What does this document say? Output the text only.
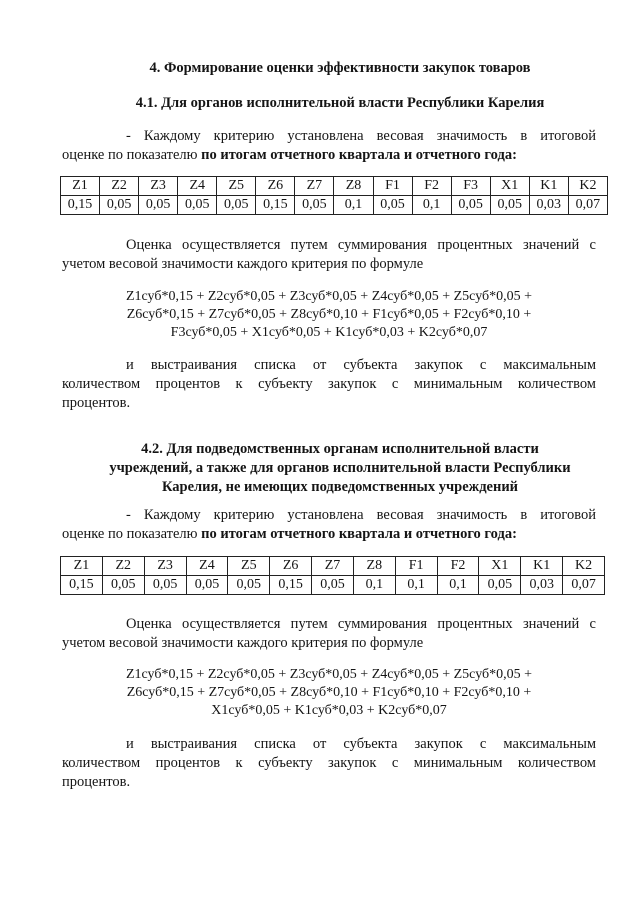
4. Формирование оценки эффективности закупок товаров
4.1. Для органов исполнительной власти Республики Карелия
- Каждому критерию установлена весовая значимость в итоговой
оценке по показателю по итогам отчетного квартала и отчетного года:
Z1	Z2	Z3	Z4	Z5	Z6	Z7	Z8	F1	F2	F3	X1	K1	K2
0,15	0,05	0,05	0,05	0,05	0,15	0,05	0,1	0,05	0,1	0,05	0,05	0,03	0,07
Оценка осуществляется путем суммирования процентных значений с
учетом весовой значимости каждого критерия по формуле
Z1суб*0,15 + Z2суб*0,05 + Z3суб*0,05 + Z4суб*0,05 + Z5суб*0,05 +
Z6суб*0,15 + Z7суб*0,05 + Z8суб*0,10 + F1суб*0,05 + F2суб*0,10 +
F3суб*0,05 + X1суб*0,05 + K1суб*0,03 + K2суб*0,07
и выстраивания списка от субъекта закупок с максимальным
количеством процентов к субъекту закупок с минимальным количеством
процентов.
4.2. Для подведомственных органам исполнительной власти
учреждений, а также для органов исполнительной власти Республики
Карелия, не имеющих подведомственных учреждений
- Каждому критерию установлена весовая значимость в итоговой
оценке по показателю по итогам отчетного квартала и отчетного года:
Z1	Z2	Z3	Z4	Z5	Z6	Z7	Z8	F1	F2	X1	K1	K2
0,15	0,05	0,05	0,05	0,05	0,15	0,05	0,1	0,1	0,1	0,05	0,03	0,07
Оценка осуществляется путем суммирования процентных значений с
учетом весовой значимости каждого критерия по формуле
Z1суб*0,15 + Z2суб*0,05 + Z3суб*0,05 + Z4суб*0,05 + Z5суб*0,05 +
Z6суб*0,15 + Z7суб*0,05 + Z8суб*0,10 + F1суб*0,10 + F2суб*0,10 +
X1суб*0,05 + K1суб*0,03 + K2суб*0,07
и выстраивания списка от субъекта закупок с максимальным
количеством процентов к субъекту закупок с минимальным количеством
процентов.
